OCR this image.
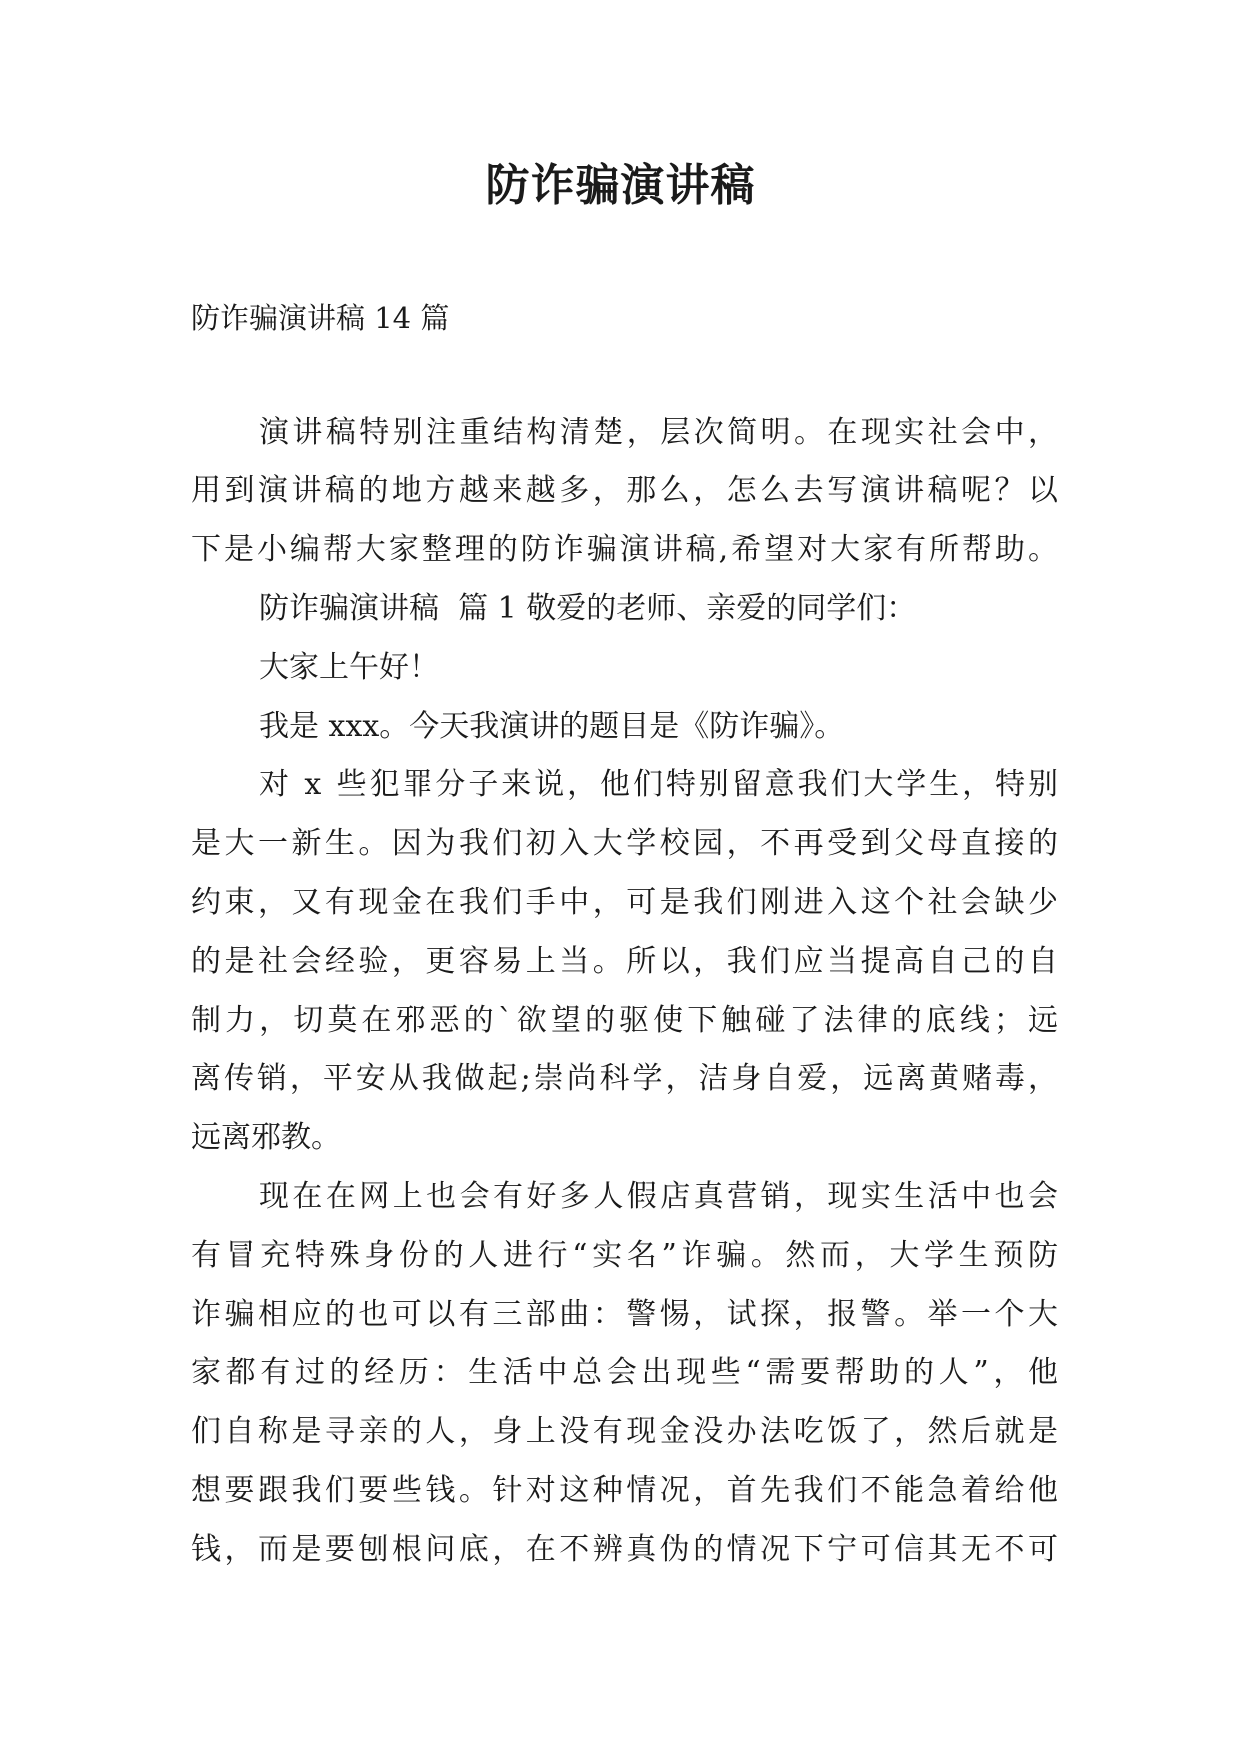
防诈骗演讲稿
防诈骗演讲稿 14 篇
演讲稿特别注重结构清楚，层次简明。在现实社会中，
用到演讲稿的地方越来越多，那么，怎么去写演讲稿呢？以
下是小编帮大家整理的防诈骗演讲稿,希望对大家有所帮助。
防诈骗演讲稿  篇 1 敬爱的老师、亲爱的同学们：
大家上午好！
我是 xxx。今天我演讲的题目是《防诈骗》。
对 x 些犯罪分子来说，他们特别留意我们大学生，特别
是大一新生。因为我们初入大学校园，不再受到父母直接的
约束，又有现金在我们手中，可是我们刚进入这个社会缺少
的是社会经验，更容易上当。所以，我们应当提高自己的自
制力，切莫在邪恶的`欲望的驱使下触碰了法律的底线；远
离传销，平安从我做起;崇尚科学，洁身自爱，远离黄赌毒，
远离邪教。
现在在网上也会有好多人假店真营销，现实生活中也会
有冒充特殊身份的人进行“实名”诈骗。然而，大学生预防
诈骗相应的也可以有三部曲：警惕，试探，报警。举一个大
家都有过的经历：生活中总会出现些“需要帮助的人”，他
们自称是寻亲的人，身上没有现金没办法吃饭了，然后就是
想要跟我们要些钱。针对这种情况，首先我们不能急着给他
钱，而是要刨根问底，在不辨真伪的情况下宁可信其无不可
